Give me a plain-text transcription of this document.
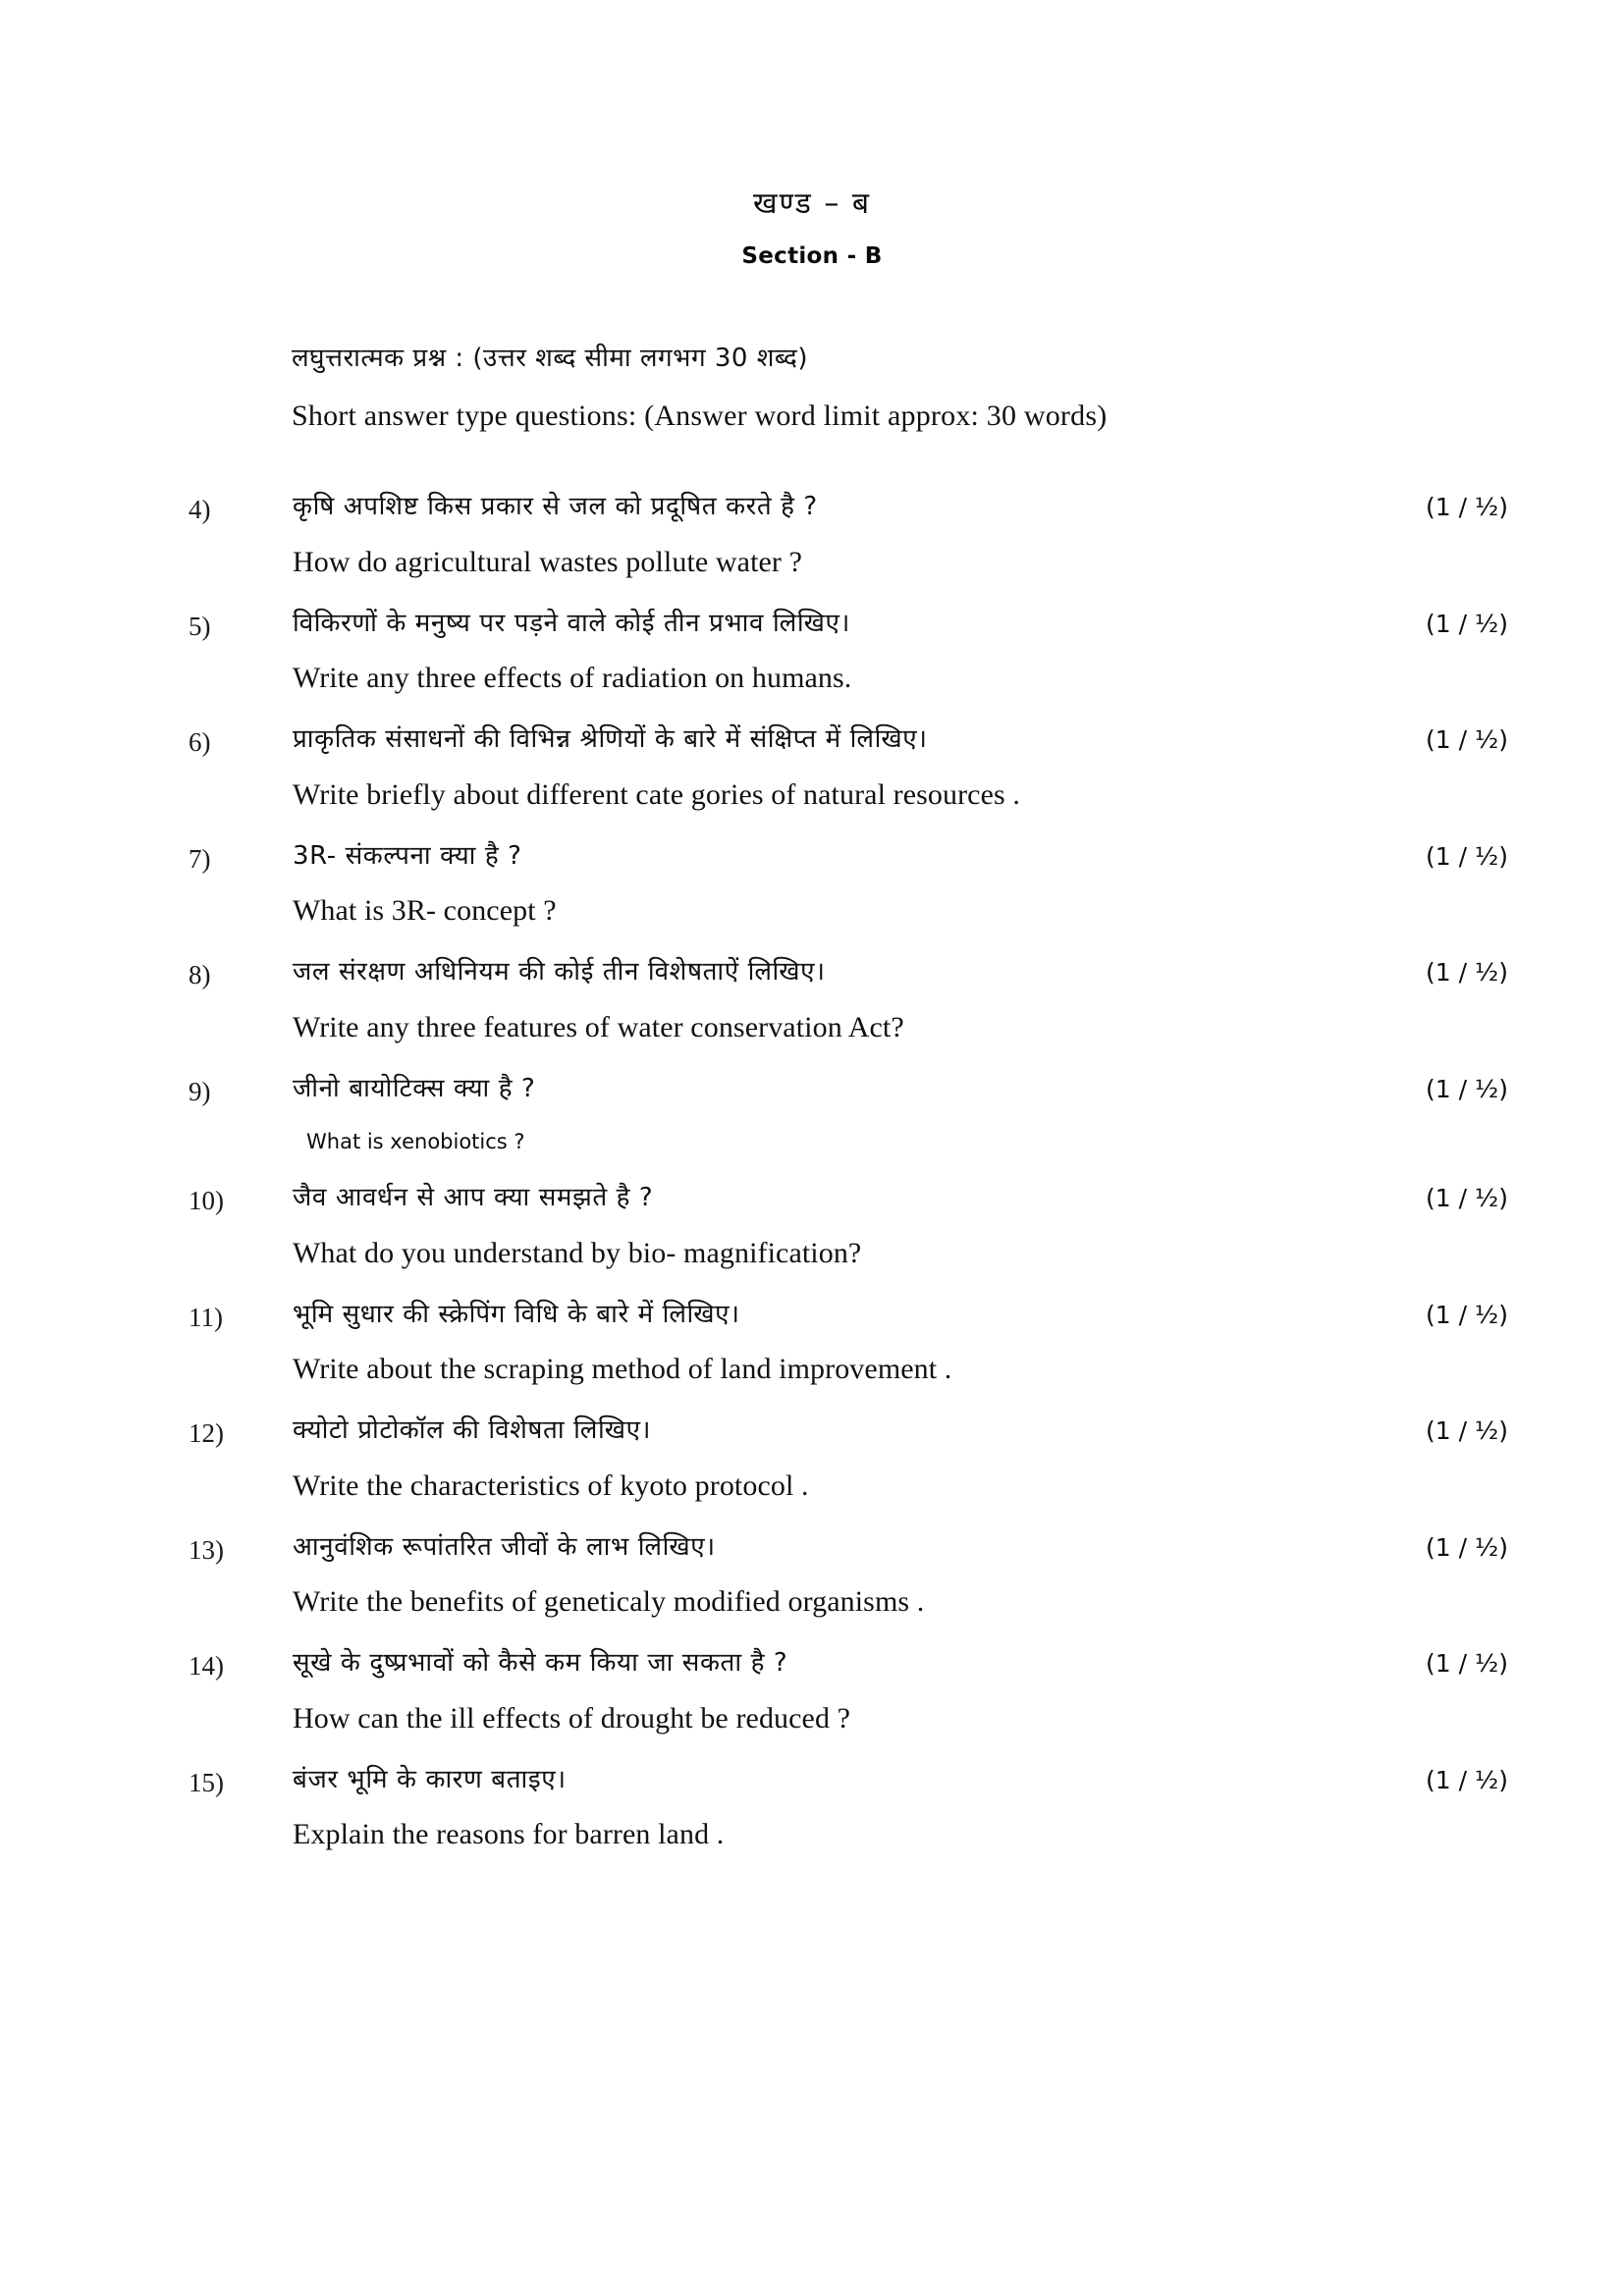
खण्ड – ब
Section - B
लघुत्तरात्मक प्रश्न : (उत्तर शब्द सीमा लगभग 30 शब्द)
Short answer type questions: (Answer word limit approx: 30 words)
4)	कृषि अपशिष्ट किस प्रकार से जल को प्रदूषित करते है ?
How do agricultural wastes pollute water ?
(1 / ½)
5)	विकिरणों के मनुष्य पर पड़ने वाले कोई तीन प्रभाव लिखिए।
Write any three effects of radiation on humans.
(1 / ½)
6)	प्राकृतिक संसाधनों की विभिन्न श्रेणियों के बारे में संक्षिप्त में लिखिए।
Write briefly about different cate gories of natural resources .
(1 / ½)
7)	3R- संकल्पना क्या है ?
What is 3R- concept ?
(1 / ½)
8)	जल संरक्षण अधिनियम की कोई तीन विशेषताऐं लिखिए।
Write any three features of water conservation Act?
(1 / ½)
9)	जीनो बायोटिक्स क्या है ?
What is xenobiotics ?
(1 / ½)
10)	जैव आवर्धन से आप क्या समझते है ?
What do you understand by bio- magnification?
(1 / ½)
11)	भूमि सुधार की स्क्रेपिंग विधि के बारे में लिखिए।
Write about the scraping method of land improvement .
(1 / ½)
12)	क्योटो प्रोटोकॉल की विशेषता लिखिए।
Write the characteristics of kyoto protocol .
(1 / ½)
13)	आनुवंशिक रूपांतरित जीवों के लाभ लिखिए।
Write the benefits of geneticaly modified organisms .
(1 / ½)
14)	सूखे के दुष्प्रभावों को कैसे कम किया जा सकता है ?
How can the ill effects of drought be reduced ?
(1 / ½)
15)	बंजर भूमि के कारण बताइए।
Explain the reasons for barren land .
(1 / ½)
